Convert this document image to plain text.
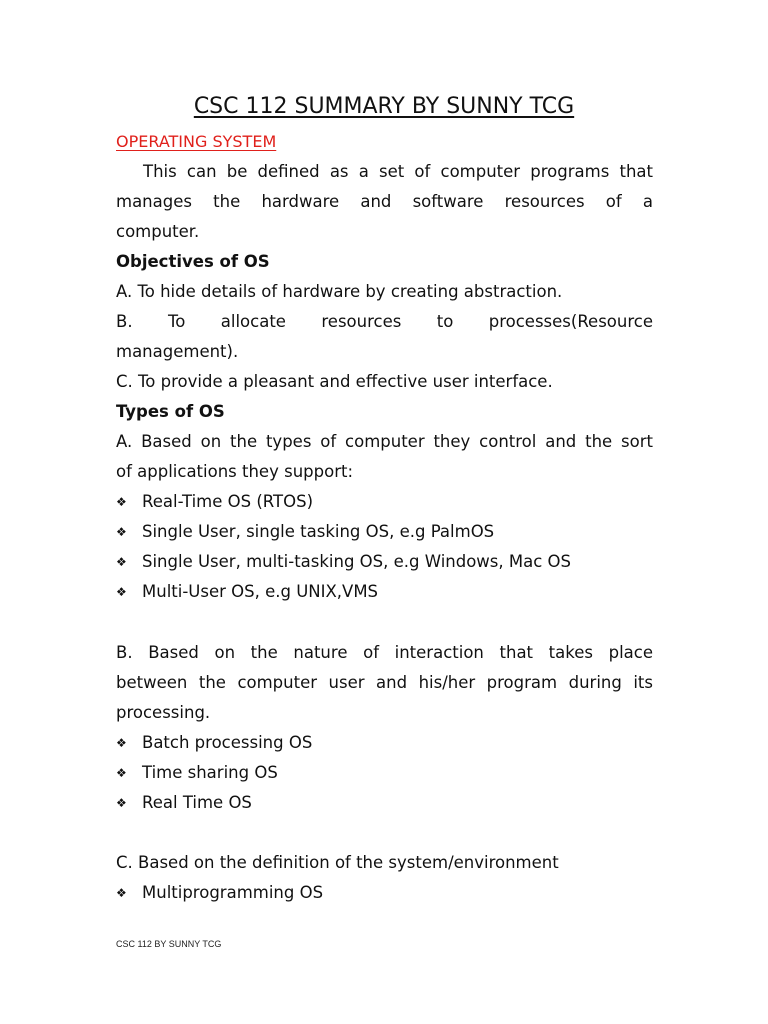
CSC 112 SUMMARY BY SUNNY TCG
OPERATING SYSTEM
This can be defined as a set of computer programs that
manages the hardware and software resources of a
computer.
Objectives of OS
A. To hide details of hardware by creating abstraction.
B. To allocate resources to processes(Resource
management).
C. To provide a pleasant and effective user interface.
Types of OS
A. Based on the types of computer they control and the sort
of applications they support:
❖ Real-Time OS (RTOS)
❖ Single User, single tasking OS, e.g PalmOS
❖ Single User, multi-tasking OS, e.g Windows, Mac OS
❖ Multi-User OS, e.g UNIX,VMS
B. Based on the nature of interaction that takes place
between the computer user and his/her program during its
processing.
❖ Batch processing OS
❖ Time sharing OS
❖ Real Time OS
C. Based on the definition of the system/environment
❖ Multiprogramming OS
CSC 112 BY SUNNY TCG
